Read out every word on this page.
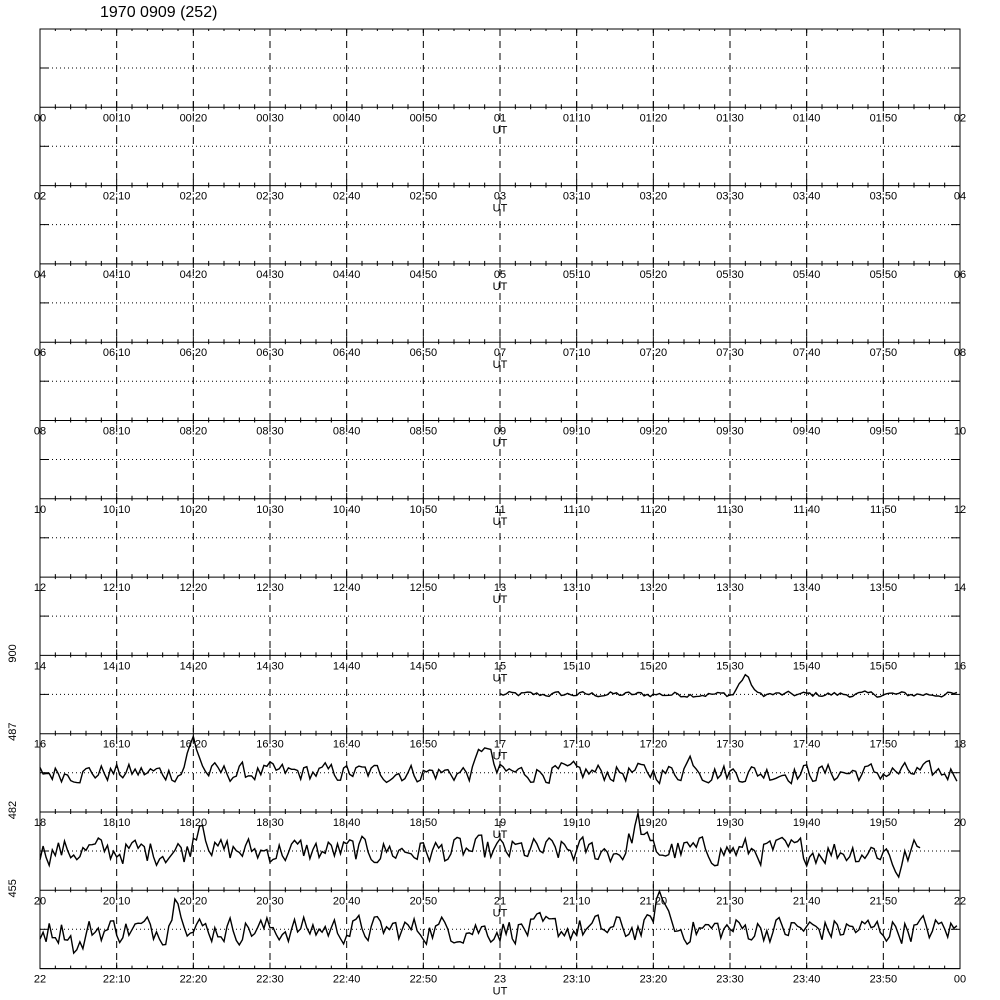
1970 0909 (252)
00	00:10	00:20	00:30	00:40	00:50	01	01:10	01:20	01:30	01:40	01:50	02
UT
02	02:10	02:20	02:30	02:40	02:50	03	03:10	03:20	03:30	03:40	03:50	04
UT
04	04:10	04:20	04:30	04:40	04:50	05	05:10	05:20	05:30	05:40	05:50	06
UT
06	06:10	06:20	06:30	06:40	06:50	07	07:10	07:20	07:30	07:40	07:50	08
UT
08	08:10	08:20	08:30	08:40	08:50	09	09:10	09:20	09:30	09:40	09:50	10
UT
10	10:10	10:20	10:30	10:40	10:50	11	11:10	11:20	11:30	11:40	11:50	12
UT
12	12:10	12:20	12:30	12:40	12:50	13	13:10	13:20	13:30	13:40	13:50	14
UT
14	14:10	14:20	14:30	14:40	14:50	15	15:10	15:20	15:30	15:40	15:50	16
UT
16	16:10	16:20	16:30	16:40	16:50	17	17:10	17:20	17:30	17:40	17:50	18
UT
18	18:10	18:20	18:30	18:40	18:50	19	19:10	19:20	19:30	19:40	19:50	20
UT
20	20:10	20:20	20:30	20:40	20:50	21	21:10	21:20	21:30	21:40	21:50	22
UT
22	22:10	22:20	22:30	22:40	22:50	23	23:10	23:20	23:30	23:40	23:50	00
UT
900
487
482
455
